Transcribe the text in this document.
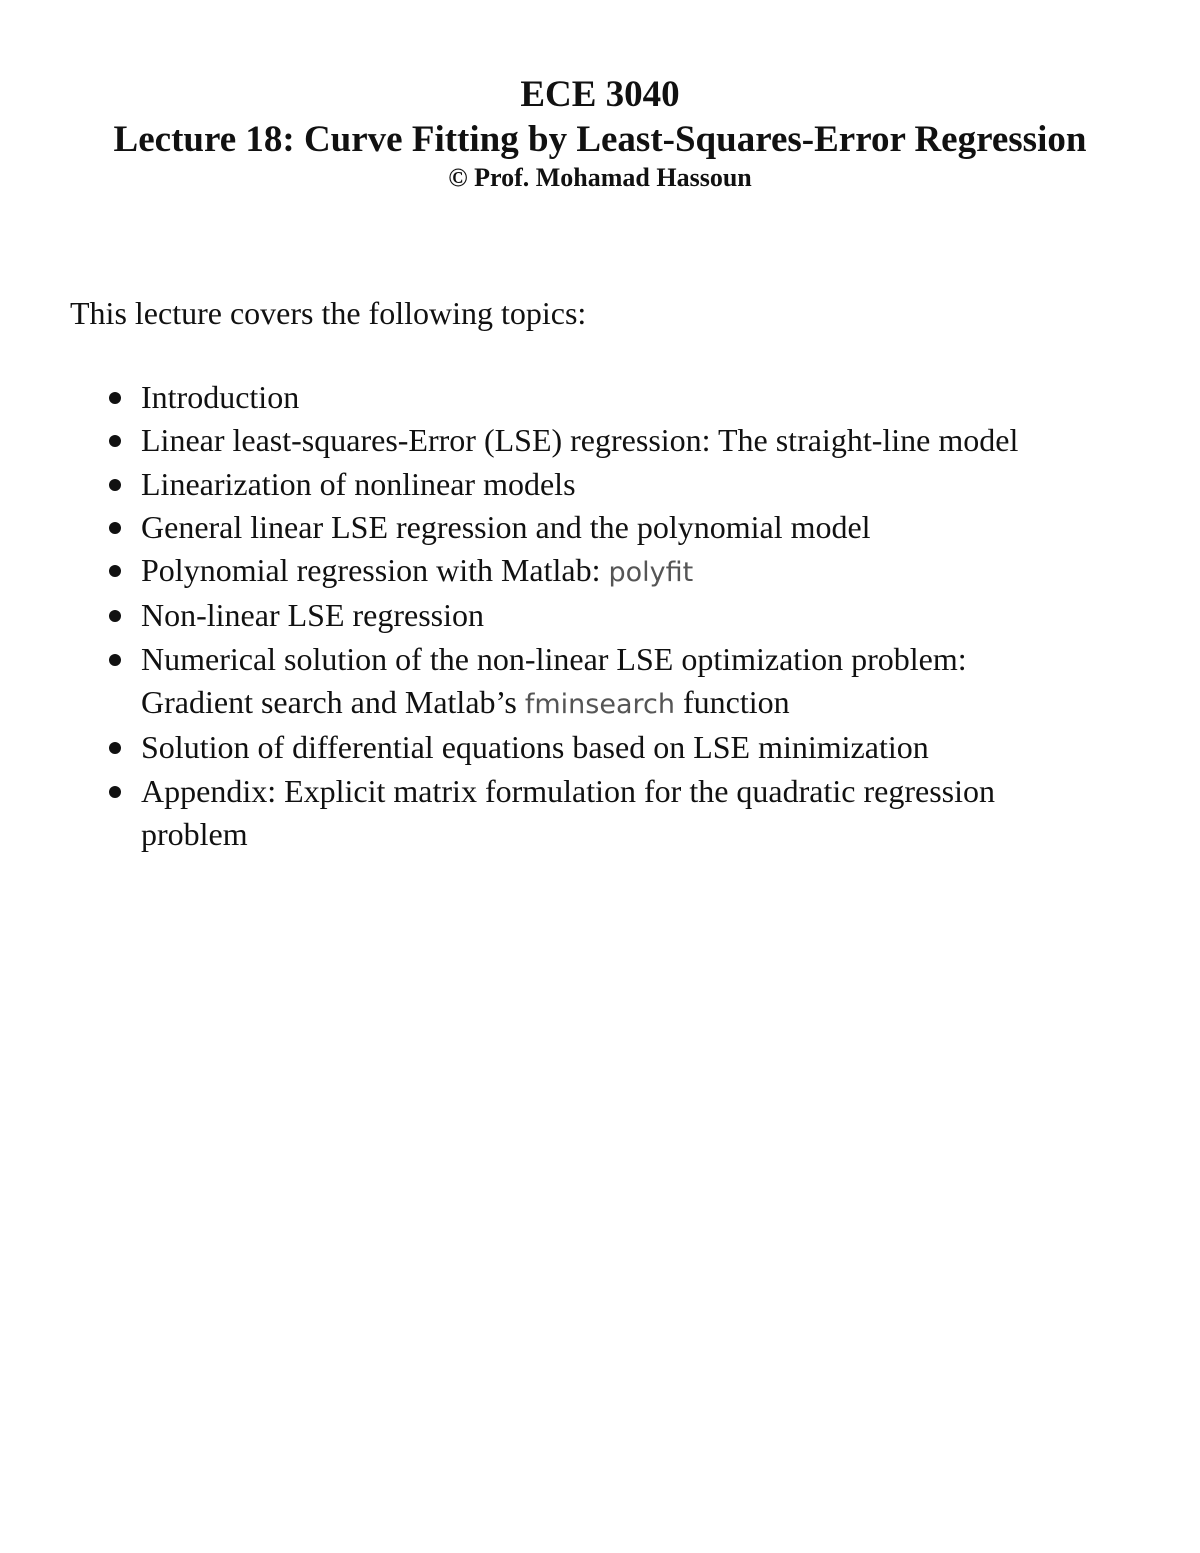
ECE 3040
Lecture 18: Curve Fitting by Least-Squares-Error Regression
© Prof. Mohamad Hassoun
This lecture covers the following topics:
Introduction
Linear least-squares-Error (LSE) regression: The straight-line model
Linearization of nonlinear models
General linear LSE regression and the polynomial model
Polynomial regression with Matlab: polyfit
Non-linear LSE regression
Numerical solution of the non-linear LSE optimization problem:
Gradient search and Matlab’s fminsearch function
Solution of differential equations based on LSE minimization
Appendix: Explicit matrix formulation for the quadratic regression
problem
